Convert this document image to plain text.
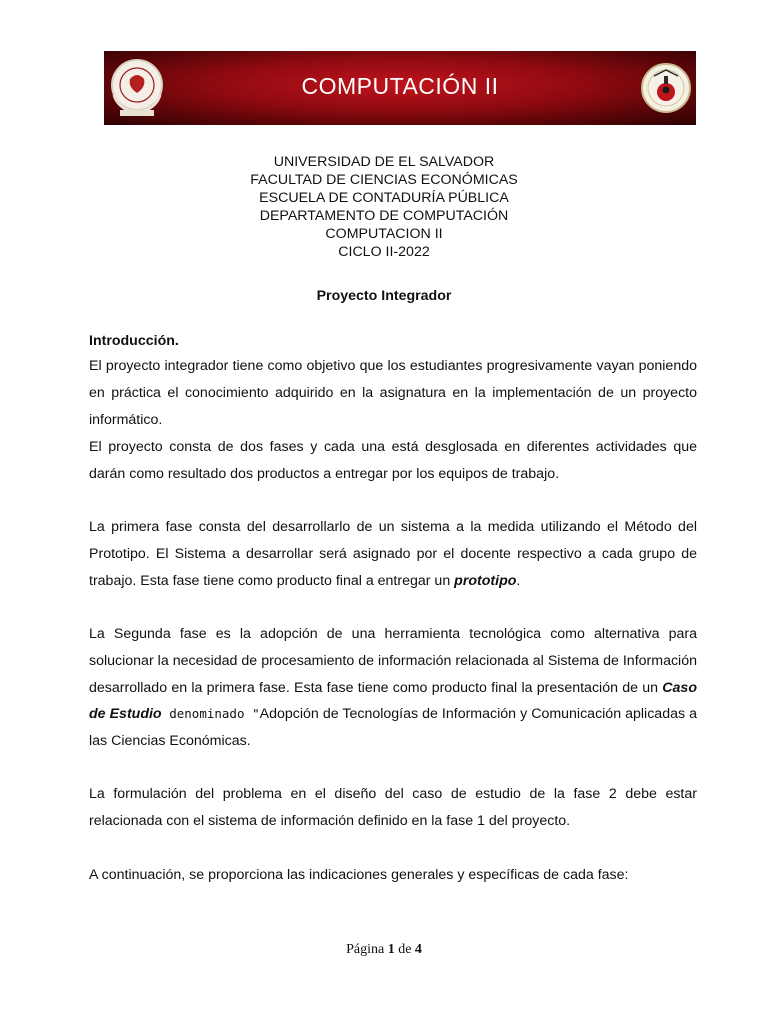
COMPUTACIÓN II
UNIVERSIDAD DE EL SALVADOR
FACULTAD DE CIENCIAS ECONÓMICAS
ESCUELA DE CONTADURÍA PÚBLICA
DEPARTAMENTO DE COMPUTACIÓN
COMPUTACION II
CICLO II-2022
Proyecto Integrador
Introducción.
El proyecto integrador tiene como objetivo que los estudiantes progresivamente vayan poniendo en práctica el conocimiento adquirido en la asignatura en la implementación de un proyecto informático.
El proyecto consta de dos fases y cada una está desglosada en diferentes actividades que darán como resultado dos productos a entregar por los equipos de trabajo.
La primera fase consta del desarrollarlo de un sistema a la medida utilizando el Método del Prototipo. El Sistema a desarrollar será asignado por el docente respectivo a cada grupo de trabajo. Esta fase tiene como producto final a entregar un prototipo.
La Segunda fase es la adopción de una herramienta tecnológica como alternativa para solucionar la necesidad de procesamiento de información relacionada al Sistema de Información desarrollado en la primera fase. Esta fase tiene como producto final la presentación de un Caso de Estudio denominado "Adopción de Tecnologías de Información y Comunicación aplicadas a las Ciencias Económicas.
La formulación del problema en el diseño del caso de estudio de la fase 2 debe estar relacionada con el sistema de información definido en la fase 1 del proyecto.
A continuación, se proporciona las indicaciones generales y específicas de cada fase:
Página 1 de 4
